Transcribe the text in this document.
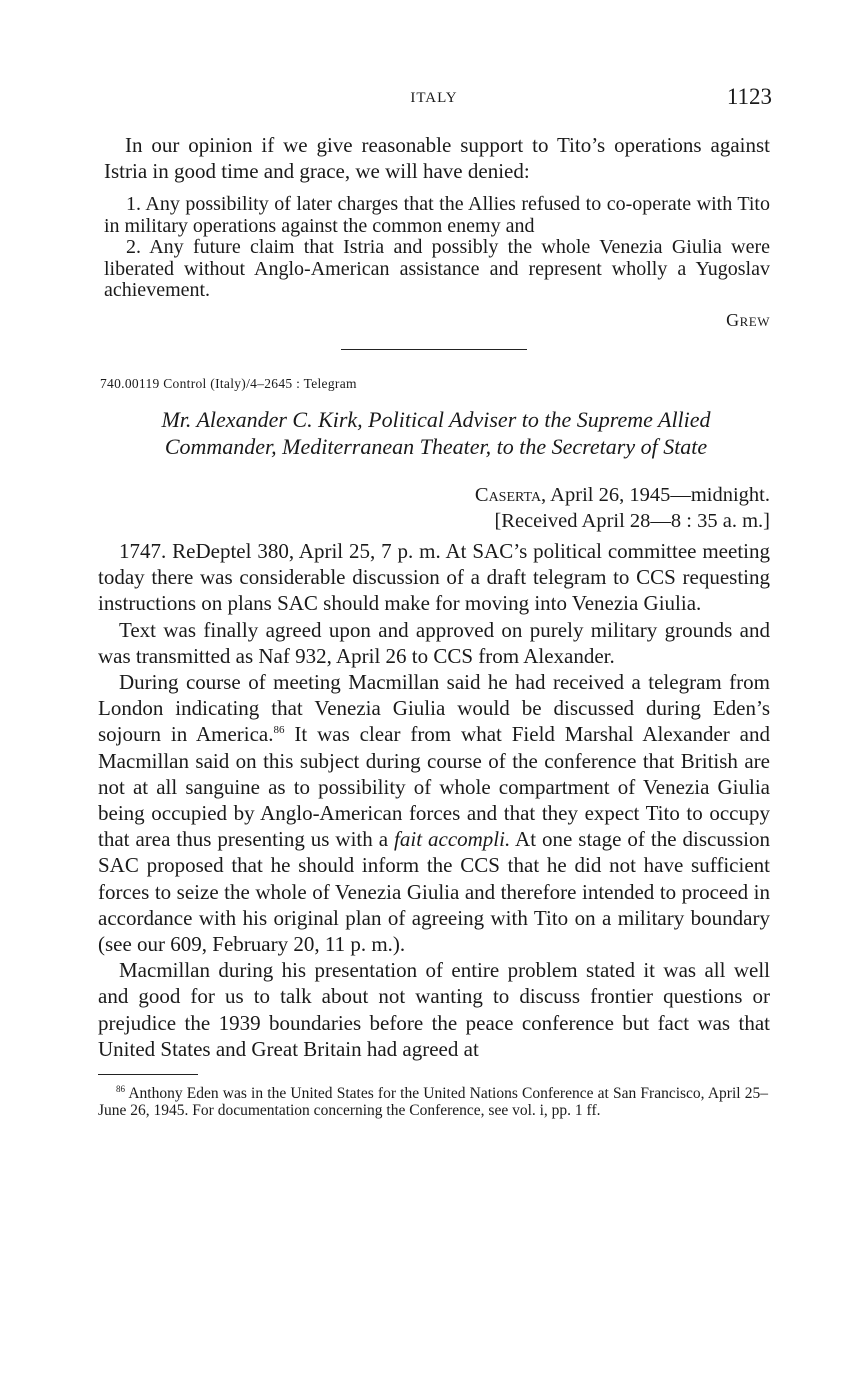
ITALY	1123

In our opinion if we give reasonable support to Tito’s operations against Istria in good time and grace, we will have denied:

1. Any possibility of later charges that the Allies refused to co-operate with Tito in military operations against the common enemy and

2. Any future claim that Istria and possibly the whole Venezia Giulia were liberated without Anglo-American assistance and represent wholly a Yugoslav achievement.

Grew
740.00119 Control (Italy)/4–2645 : Telegram
Mr. Alexander C. Kirk, Political Adviser to the Supreme Allied
Commander, Mediterranean Theater, to the Secretary of State
Caserta, April 26, 1945—midnight.
[Received April 28—8 : 35 a. m.]

1747. ReDeptel 380, April 25, 7 p. m. At SAC’s political committee meeting today there was considerable discussion of a draft telegram to CCS requesting instructions on plans SAC should make for moving into Venezia Giulia.

Text was finally agreed upon and approved on purely military grounds and was transmitted as Naf 932, April 26 to CCS from Alexander.

During course of meeting Macmillan said he had received a telegram from London indicating that Venezia Giulia would be discussed during Eden’s sojourn in America.$^{86}$ It was clear from what Field Marshal Alexander and Macmillan said on this subject during course of the conference that British are not at all sanguine as to possibility of whole compartment of Venezia Giulia being occupied by Anglo-American forces and that they expect Tito to occupy that area thus presenting us with a fait accompli. At one stage of the discussion SAC proposed that he should inform the CCS that he did not have sufficient forces to seize the whole of Venezia Giulia and therefore intended to proceed in accordance with his original plan of agreeing with Tito on a military boundary (see our 609, February 20, 11 p. m.).

Macmillan during his presentation of entire problem stated it was all well and good for us to talk about not wanting to discuss frontier questions or prejudice the 1939 boundaries before the peace conference but fact was that United States and Great Britain had agreed at

$^{86}$ Anthony Eden was in the United States for the United Nations Conference at San Francisco, April 25–June 26, 1945. For documentation concerning the Conference, see vol. i, pp. 1 ff.
